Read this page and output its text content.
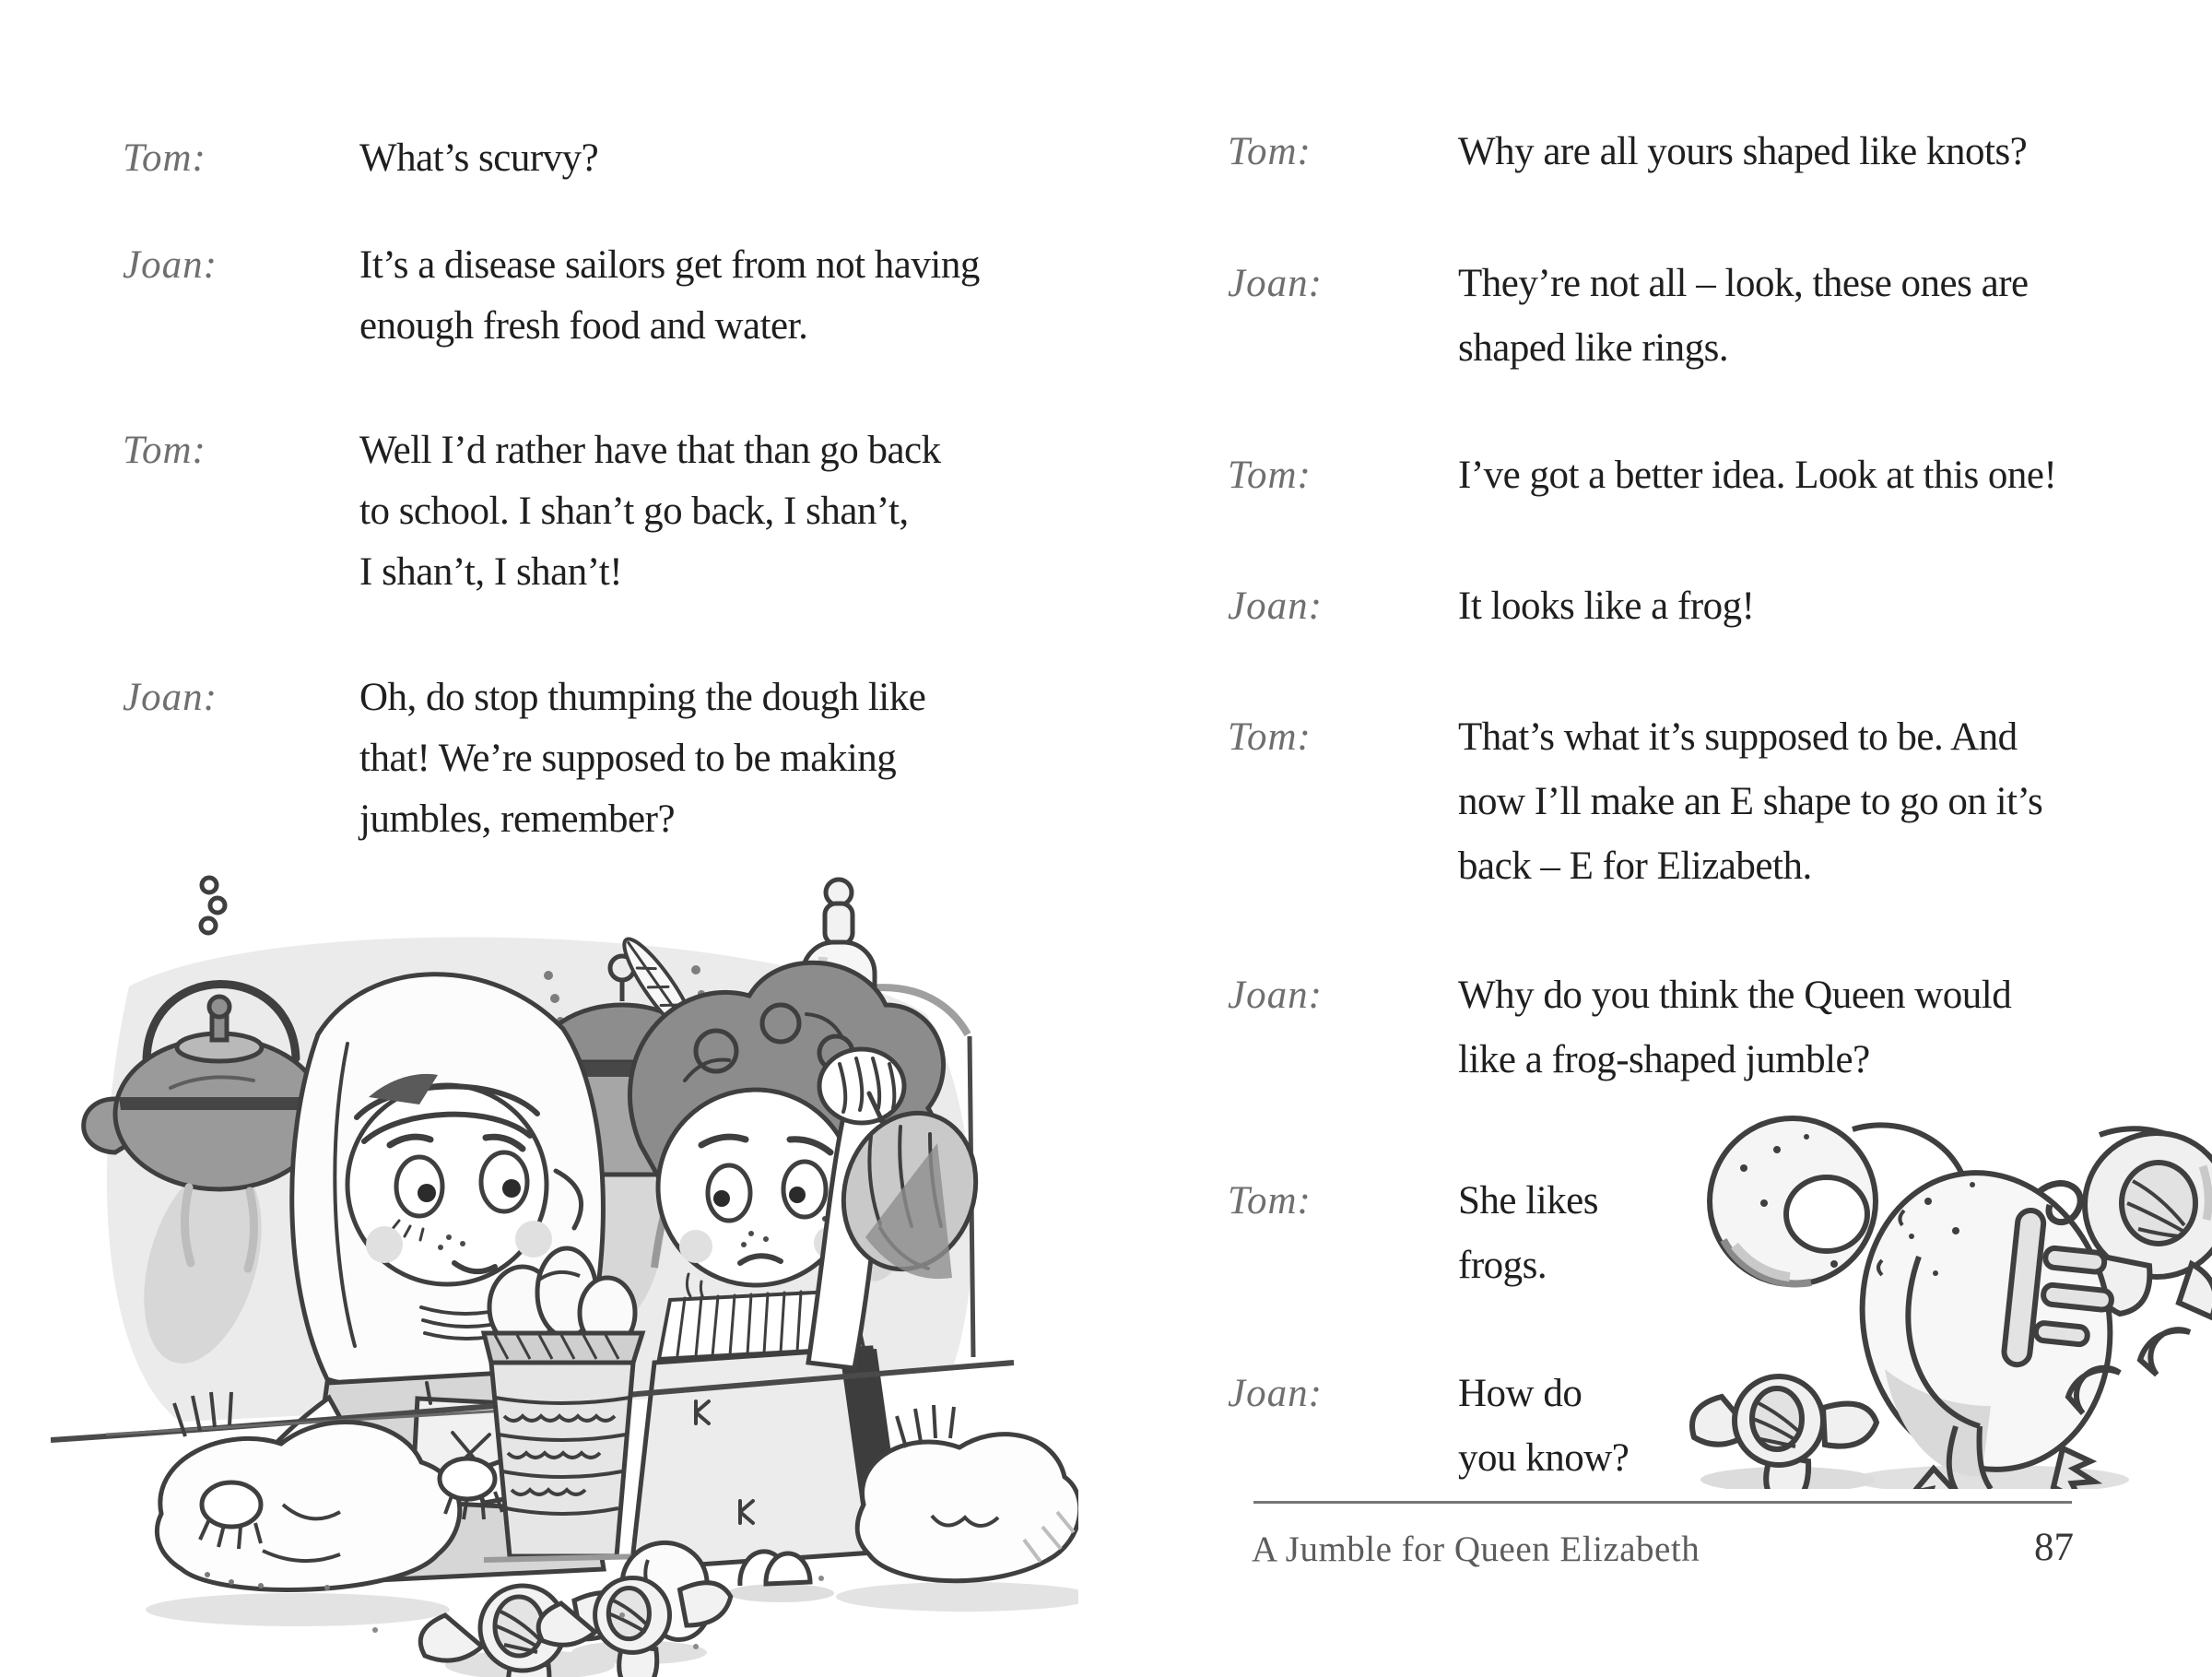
Tom:	What’s scurvy?
Joan:	It’s a disease sailors get from not having
enough fresh food and water.
Tom:	Well I’d rather have that than go back
to school. I shan’t go back, I shan’t,
I shan’t, I shan’t!
Joan:	Oh, do stop thumping the dough like
that! We’re supposed to be making
jumbles, remember?
Tom:	Why are all yours shaped like knots?
Joan:	They’re not all – look, these ones are
shaped like rings.
Tom:	I’ve got a better idea. Look at this one!
Joan:	It looks like a frog!
Tom:	That’s what it’s supposed to be. And
now I’ll make an E shape to go on it’s
back – E for Elizabeth.
Joan:	Why do you think the Queen would
like a frog-shaped jumble?
Tom:	She likes
frogs.
Joan:	How do
you know?
A Jumble for Queen Elizabeth	87
